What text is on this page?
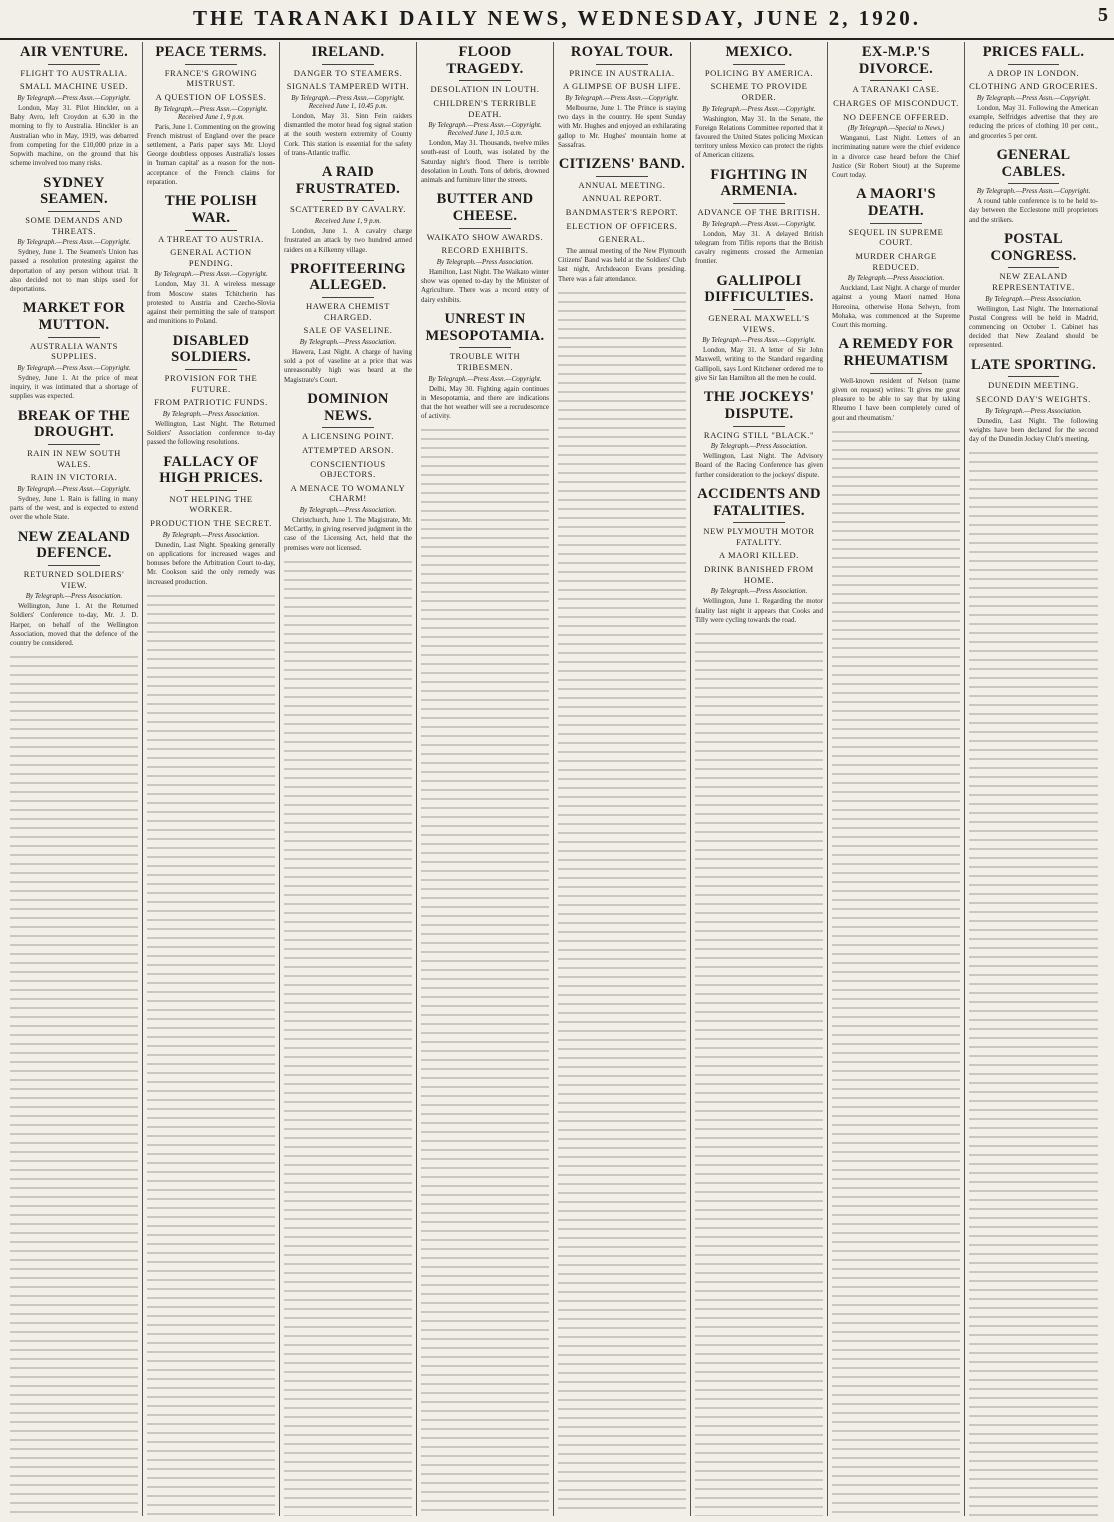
THE TARANAKI DAILY NEWS, WEDNESDAY, JUNE 2, 1920.	5
AIR VENTURE.
FLIGHT TO AUSTRALIA.
SMALL MACHINE USED.
By Telegraph.—Press Assn.—Copyright.
London, May 31. Pilot Hinckler, on a Baby Avro, left Croydon at 6.30 in the morning to fly to Australia. Hinckler is an Australian who in May, 1919, was debarred from competing for the £10,000 prize in a Sopwith machine, on the ground that his scheme involved too many risks.
SYDNEY SEAMEN.
SOME DEMANDS AND THREATS.
By Telegraph.—Press Assn.—Copyright.
Sydney, June 1. The Seamen's Union has passed a resolution protesting against the deportation of any person without trial. It also decided not to man ships used for deportations.
MARKET FOR MUTTON.
AUSTRALIA WANTS SUPPLIES.
By Telegraph.—Press Assn.—Copyright.
Sydney, June 1. At the price of meat inquiry, it was intimated that a shortage of supplies was expected.
BREAK OF THE DROUGHT.
RAIN IN NEW SOUTH WALES.
RAIN IN VICTORIA.
By Telegraph.—Press Assn.—Copyright.
Sydney, June 1. Rain is falling in many parts of the west, and is expected to extend over the whole State.
NEW ZEALAND DEFENCE.
RETURNED SOLDIERS' VIEW.
By Telegraph.—Press Association.
Wellington, June 1. At the Returned Soldiers' Conference to-day, Mr. J. D. Harper, on behalf of the Wellington Association, moved that the defence of the country be considered.
PEACE TERMS.
FRANCE'S GROWING MISTRUST.
A QUESTION OF LOSSES.
By Telegraph.—Press Assn.—Copyright. Received June 1, 9 p.m.
Paris, June 1. Commenting on the growing French mistrust of England over the peace settlement, a Paris paper says Mr. Lloyd George doubtless opposes Australia's losses in 'human capital' as a reason for the non-acceptance of the French claims for reparation.
THE POLISH WAR.
A THREAT TO AUSTRIA.
GENERAL ACTION PENDING.
By Telegraph.—Press Assn.—Copyright.
London, May 31. A wireless message from Moscow states Tchitcherin has protested to Austria and Czecho-Slovia against their permitting the sale of transport and munitions to Poland.
DISABLED SOLDIERS.
PROVISION FOR THE FUTURE.
FROM PATRIOTIC FUNDS.
By Telegraph.—Press Association.
Wellington, Last Night. The Returned Soldiers' Association conference to-day passed the following resolutions.
FALLACY OF HIGH PRICES.
NOT HELPING THE WORKER.
PRODUCTION THE SECRET.
By Telegraph.—Press Association.
Dunedin, Last Night. Speaking generally on applications for increased wages and bonuses before the Arbitration Court to-day, Mr. Cookson said the only remedy was increased production.
IRELAND.
DANGER TO STEAMERS.
SIGNALS TAMPERED WITH.
By Telegraph.—Press Assn.—Copyright. Received June 1, 10.45 p.m.
London, May 31. Sinn Fein raiders dismantled the motor head fog signal station at the south western extremity of County Cork. This station is essential for the safety of trans-Atlantic traffic.
A RAID FRUSTRATED.
SCATTERED BY CAVALRY.
Received June 1, 9 p.m.
London, June 1. A cavalry charge frustrated an attack by two hundred armed raiders on a Kilkenny village.
PROFITEERING ALLEGED.
HAWERA CHEMIST CHARGED.
SALE OF VASELINE.
By Telegraph.—Press Association.
Hawera, Last Night. A charge of having sold a pot of vaseline at a price that was unreasonably high was heard at the Magistrate's Court.
DOMINION NEWS.
A LICENSING POINT.
ATTEMPTED ARSON.
CONSCIENTIOUS OBJECTORS.
A MENACE TO WOMANLY CHARM!
By Telegraph.—Press Association.
Christchurch, June 1. The Magistrate, Mr. McCarthy, in giving reserved judgment in the case of the Licensing Act, held that the premises were not licensed.
FLOOD TRAGEDY.
DESOLATION IN LOUTH.
CHILDREN'S TERRIBLE DEATH.
By Telegraph.—Press Assn.—Copyright. Received June 1, 10.5 a.m.
London, May 31. Thousands, twelve miles south-east of Louth, was isolated by the Saturday night's flood. There is terrible desolation in Louth. Tons of debris, drowned animals and furniture litter the streets.
BUTTER AND CHEESE.
WAIKATO SHOW AWARDS.
RECORD EXHIBITS.
By Telegraph.—Press Association.
Hamilton, Last Night. The Waikato winter show was opened to-day by the Minister of Agriculture. There was a record entry of dairy exhibits.
UNREST IN MESOPOTAMIA.
TROUBLE WITH TRIBESMEN.
By Telegraph.—Press Assn.—Copyright.
Delhi, May 30. Fighting again continues in Mesopotamia, and there are indications that the hot weather will see a recrudescence of activity.
ROYAL TOUR.
PRINCE IN AUSTRALIA.
A GLIMPSE OF BUSH LIFE.
By Telegraph.—Press Assn.—Copyright.
Melbourne, June 1. The Prince is staying two days in the country. He spent Sunday with Mr. Hughes and enjoyed an exhilarating gallop to Mr. Hughes' mountain home at Sassafras.
CITIZENS' BAND.
ANNUAL MEETING.
ANNUAL REPORT.
BANDMASTER'S REPORT.
ELECTION OF OFFICERS.
GENERAL.
The annual meeting of the New Plymouth Citizens' Band was held at the Soldiers' Club last night, Archdeacon Evans presiding. There was a fair attendance.
MEXICO.
POLICING BY AMERICA.
SCHEME TO PROVIDE ORDER.
By Telegraph.—Press Assn.—Copyright.
Washington, May 31. In the Senate, the Foreign Relations Committee reported that it favoured the United States policing Mexican territory unless Mexico can protect the rights of American citizens.
FIGHTING IN ARMENIA.
ADVANCE OF THE BRITISH.
By Telegraph.—Press Assn.—Copyright.
London, May 31. A delayed British telegram from Tiflis reports that the British cavalry regiments crossed the Armenian frontier.
GALLIPOLI DIFFICULTIES.
GENERAL MAXWELL'S VIEWS.
By Telegraph.—Press Assn.—Copyright.
London, May 31. A letter of Sir John Maxwell, writing to the Standard regarding Gallipoli, says Lord Kitchener ordered me to give Sir Ian Hamilton all the men he could.
THE JOCKEYS' DISPUTE.
RACING STILL "BLACK."
By Telegraph.—Press Association.
Wellington, Last Night. The Advisory Board of the Racing Conference has given further consideration to the jockeys' dispute.
ACCIDENTS AND FATALITIES.
NEW PLYMOUTH MOTOR FATALITY.
A MAORI KILLED.
DRINK BANISHED FROM HOME.
By Telegraph.—Press Association.
Wellington, June 1. Regarding the motor fatality last night it appears that Cooks and Tilly were cycling towards the road.
EX-M.P.'S DIVORCE.
A TARANAKI CASE.
CHARGES OF MISCONDUCT.
NO DEFENCE OFFERED.
(By Telegraph.—Special to News.)
Wanganui, Last Night. Letters of an incriminating nature were the chief evidence in a divorce case heard before the Chief Justice (Sir Robert Stout) at the Supreme Court today.
A MAORI'S DEATH.
SEQUEL IN SUPREME COURT.
MURDER CHARGE REDUCED.
By Telegraph.—Press Association.
Auckland, Last Night. A charge of murder against a young Maori named Hona Horeoina, otherwise Hona Selwyn, from Mohaka, was commenced at the Supreme Court this morning.
A REMEDY FOR RHEUMATISM
Well-known resident of Nelson (name given on request) writes: 'It gives me great pleasure to be able to say that by taking Rheumo I have been completely cured of gout and rheumatism.'
PRICES FALL.
A DROP IN LONDON.
CLOTHING AND GROCERIES.
By Telegraph.—Press Assn.—Copyright.
London, May 31. Following the American example, Selfridges advertise that they are reducing the prices of clothing 10 per cent., and groceries 5 per cent.
GENERAL CABLES.
By Telegraph.—Press Assn.—Copyright.
A round table conference is to be held to-day between the Ecclestone mill proprietors and the strikers.
POSTAL CONGRESS.
NEW ZEALAND REPRESENTATIVE.
By Telegraph.—Press Association.
Wellington, Last Night. The International Postal Congress will be held in Madrid, commencing on October 1. Cabinet has decided that New Zealand should be represented.
LATE SPORTING.
DUNEDIN MEETING.
SECOND DAY'S WEIGHTS.
By Telegraph.—Press Association.
Dunedin, Last Night. The following weights have been declared for the second day of the Dunedin Jockey Club's meeting.
